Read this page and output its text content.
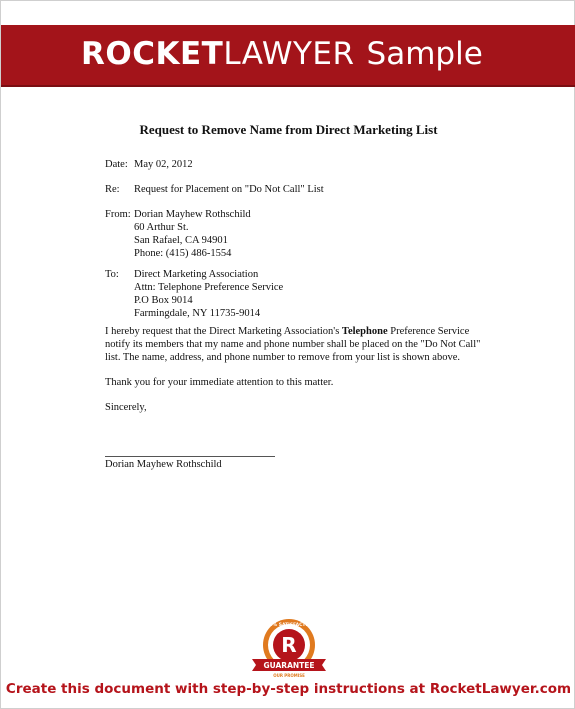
ROCKETLAWYER Sample
Request to Remove Name from Direct Marketing List
Date: May 02, 2012
Re:	Request for Placement on "Do Not Call" List
From: Dorian Mayhew Rothschild
60 Arthur St.
San Rafael, CA 94901
Phone: (415) 486-1554
To:	Direct Marketing Association
Attn: Telephone Preference Service
P.O Box 9014
Farmingdale, NY 11735-9014
I hereby request that the Direct Marketing Association's Telephone Preference Service notify its members that my name and phone number shall be placed on the "Do Not Call" list. The name, address, and phone number to remove from your list is shown above.
Thank you for your immediate attention to this matter.
Sincerely,
Dorian Mayhew Rothschild
R
100% SATISFACTION
GUARANTEE
OUR PROMISE
Create this document with step-by-step instructions at RocketLawyer.com
